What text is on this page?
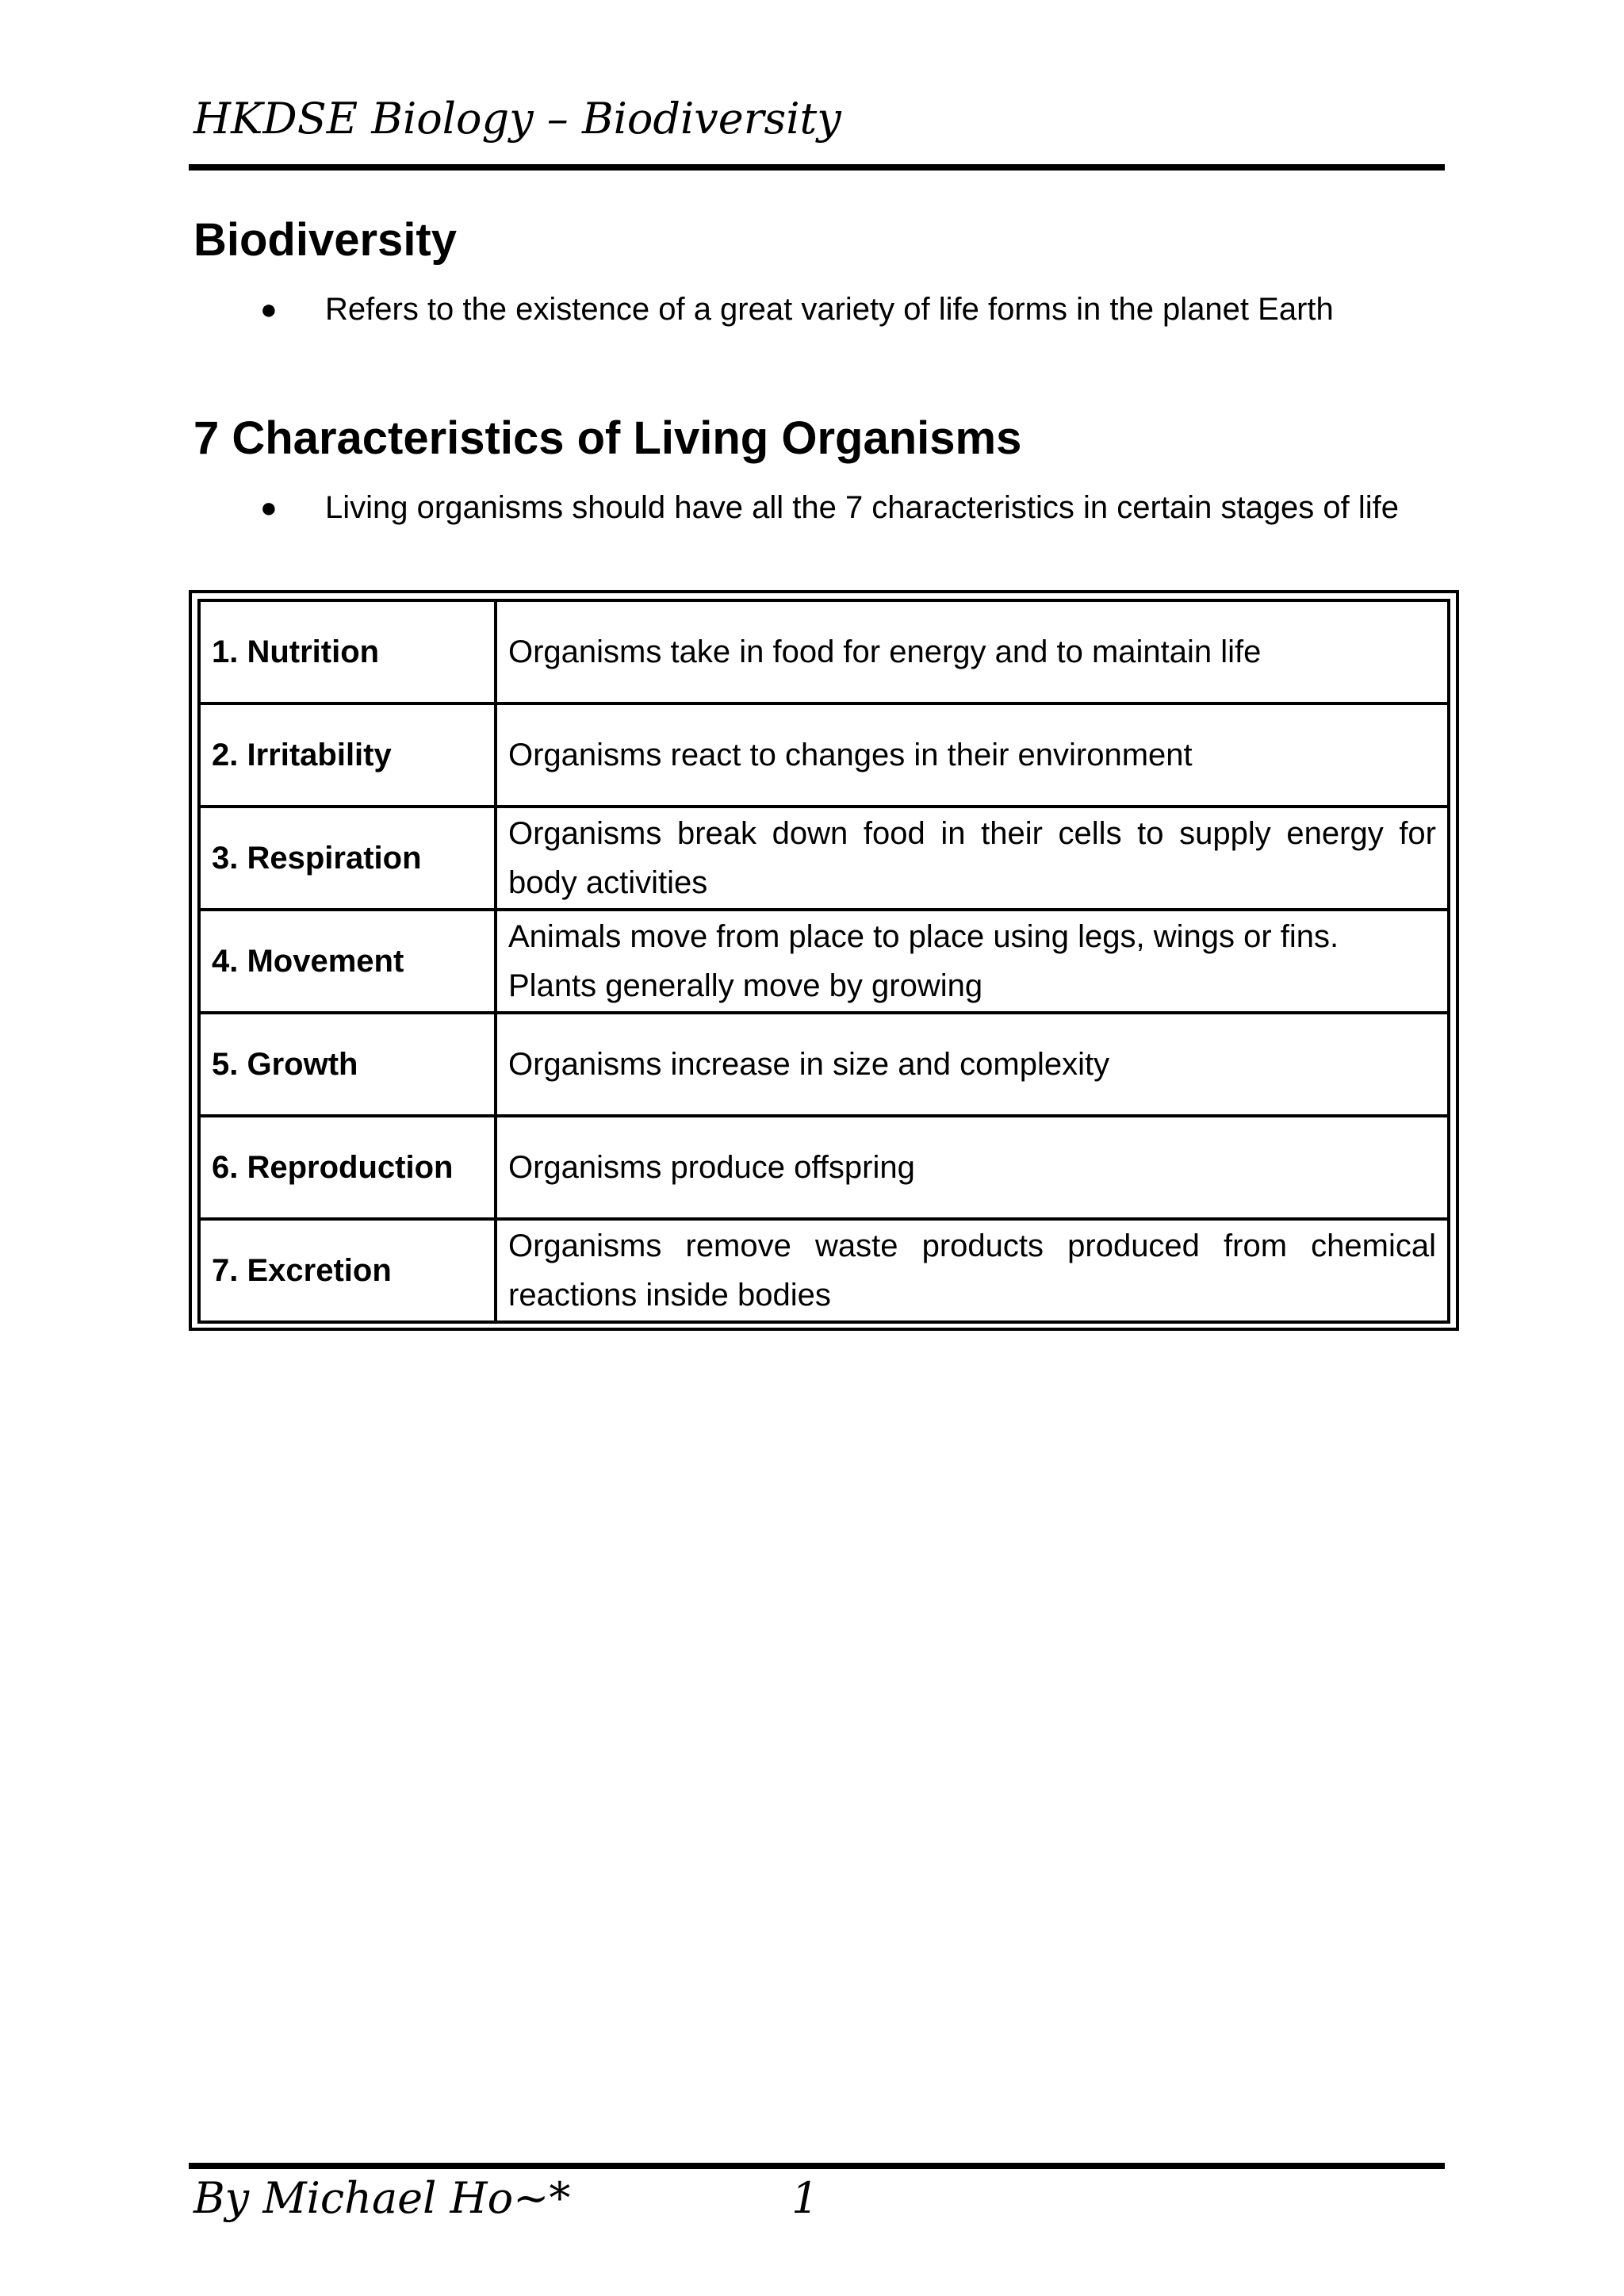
HKDSE Biology – Biodiversity
Biodiversity
● Refers to the existence of a great variety of life forms in the planet Earth
7 Characteristics of Living Organisms
● Living organisms should have all the 7 characteristics in certain stages of life
1. Nutrition	Organisms take in food for energy and to maintain life
2. Irritability	Organisms react to changes in their environment
3. Respiration	Organisms break down food in their cells to supply energy for body activities
4. Movement	Animals move from place to place using legs, wings or fins.
Plants generally move by growing
5. Growth	Organisms increase in size and complexity
6. Reproduction	Organisms produce offspring
7. Excretion	Organisms remove waste products produced from chemical reactions inside bodies
By Michael Ho~*	1
